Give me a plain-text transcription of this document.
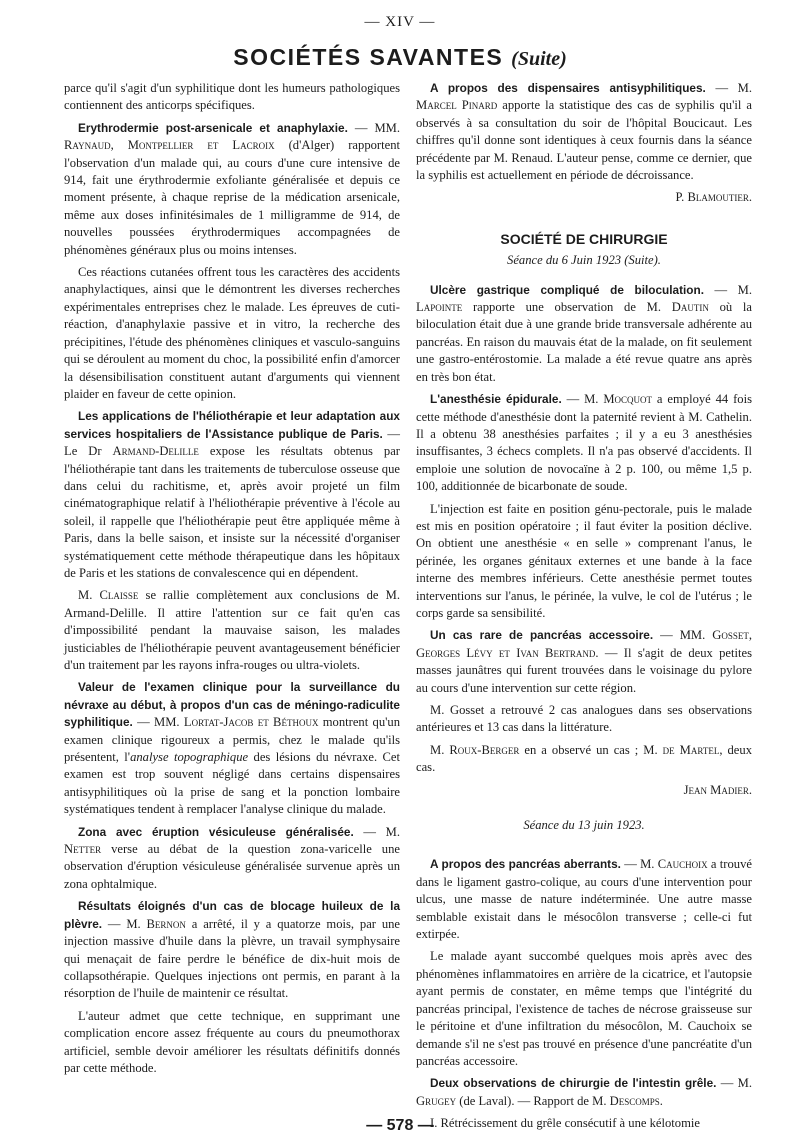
— XIV —
SOCIÉTÉS SAVANTES (Suite)

parce qu'il s'agit d'un syphilitique dont les humeurs pathologiques contiennent des anticorps spécifiques.

Erythrodermie post-arsenicale et anaphylaxie. — MM. Raynaud, Montpellier et Lacroix (d'Alger) rapportent l'observation d'un malade qui, au cours d'une cure intensive de 914, fait une érythrodermie exfoliante généralisée et depuis ce moment présente, à chaque reprise de la médication arsenicale, même aux doses infinitésimales de 1 milligramme de 914, de nouvelles poussées érythrodermiques accompagnées de phénomènes généraux plus ou moins intenses.

Ces réactions cutanées offrent tous les caractères des accidents anaphylactiques, ainsi que le démontrent les diverses recherches expérimentales entreprises chez le malade. Les épreuves de cuti-réaction, d'anaphylaxie passive et in vitro, la recherche des précipitines, l'étude des phénomènes cliniques et vasculo-sanguins qui se déroulent au moment du choc, la possibilité enfin d'amorcer la désensibilisation constituent autant d'arguments qui viennent plaider en faveur de cette opinion.

Les applications de l'héliothérapie et leur adaptation aux services hospitaliers de l'Assistance publique de Paris. — Le Dr Armand-Delille expose les résultats obtenus par l'héliothérapie tant dans les traitements de tuberculose osseuse que dans celui du rachitisme, et, après avoir projeté un film cinématographique relatif à l'héliothérapie préventive à l'école au soleil, il rappelle que l'héliothérapie peut être appliquée même à Paris, dans la belle saison, et insiste sur la nécessité d'organiser systématiquement cette méthode thérapeutique dans les hôpitaux de Paris et les stations de convalescence qui en dépendent.

M. Claisse se rallie complètement aux conclusions de M. Armand-Delille. Il attire l'attention sur ce fait qu'en cas d'impossibilité pendant la mauvaise saison, les malades justiciables de l'héliothérapie peuvent avantageusement bénéficier d'un traitement par les rayons infra-rouges ou ultra-violets.

Valeur de l'examen clinique pour la surveillance du névraxe au début, à propos d'un cas de méningo-radiculite syphilitique. — MM. Lortat-Jacob et Béthoux montrent qu'un examen clinique rigoureux a permis, chez le malade qu'ils présentent, l'analyse topographique des lésions du névraxe. Cet examen est trop souvent négligé dans certains dispensaires antisyphilitiques où la prise de sang et la ponction lombaire systématiques tendent à remplacer l'analyse clinique du malade.

Zona avec éruption vésiculeuse généralisée. — M. Netter verse au débat de la question zona-varicelle une observation d'éruption vésiculeuse généralisée survenue après un zona ophtalmique.

Résultats éloignés d'un cas de blocage huileux de la plèvre. — M. Bernon a arrêté, il y a quatorze mois, par une injection massive d'huile dans la plèvre, un travail symphysaire qui menaçait de faire perdre le bénéfice de dix-huit mois de collapsothérapie. Quelques injections ont permis, en parant à la résorption de l'huile de maintenir ce résultat.

L'auteur admet que cette technique, en supprimant une complication encore assez fréquente au cours du pneumothorax artificiel, semble devoir améliorer les résultats définitifs donnés par cette méthode.

A propos des dispensaires antisyphilitiques. — M. Marcel Pinard apporte la statistique des cas de syphilis qu'il a observés à sa consultation du soir de l'hôpital Boucicaut. Les chiffres qu'il donne sont identiques à ceux fournis dans la séance précédente par M. Renaud. L'auteur pense, comme ce dernier, que la syphilis est actuellement en période de décroissance.

P. Blamoutier.
SOCIÉTÉ DE CHIRURGIE
Séance du 6 Juin 1923 (Suite).

Ulcère gastrique compliqué de biloculation. — M. Lapointe rapporte une observation de M. Dautin où la biloculation était due à une grande bride transversale adhérente au pancréas. En raison du mauvais état de la malade, on fit seulement une gastro-entérostomie. La malade a été revue quatre ans après en très bon état.

L'anesthésie épidurale. — M. Mocquot a employé 44 fois cette méthode d'anesthésie dont la paternité revient à M. Cathelin. Il a obtenu 38 anesthésies parfaites ; il y a eu 3 anesthésies insuffisantes, 3 échecs complets. Il n'a pas observé d'accidents. Il emploie une solution de novocaïne à 2 p. 100, ou même 1,5 p. 100, additionnée de bicarbonate de soude.

L'injection est faite en position génu-pectorale, puis le malade est mis en position opératoire ; il faut éviter la position déclive. On obtient une anesthésie « en selle » comprenant l'anus, le périnée, les organes génitaux externes et une bande à la face interne des membres inférieurs. Cette anesthésie permet toutes interventions sur l'anus, le périnée, la vulve, le col de l'utérus ; le corps garde sa sensibilité.

Un cas rare de pancréas accessoire. — MM. Gosset, Georges Lévy et Ivan Bertrand. — Il s'agit de deux petites masses jaunâtres qui furent trouvées dans le voisinage du pylore au cours d'une intervention sur cette région.

M. Gosset a retrouvé 2 cas analogues dans ses observations antérieures et 13 cas dans la littérature.

M. Roux-Berger en a observé un cas ; M. de Martel, deux cas.

Jean Madier.
Séance du 13 juin 1923.

A propos des pancréas aberrants. — M. Cauchoix a trouvé dans le ligament gastro-colique, au cours d'une intervention pour ulcus, une masse de nature indéterminée. Une autre masse semblable existait dans le mésocôlon transverse ; celle-ci fut extirpée.

Le malade ayant succombé quelques mois après avec des phénomènes inflammatoires en arrière de la cicatrice, et l'autopsie ayant permis de constater, en même temps que l'intégrité du pancréas principal, l'existence de taches de nécrose graisseuse sur le péritoine et d'une infiltration du mésocôlon, M. Cauchoix se demande s'il ne s'est pas trouvé en présence d'une pancréatite d'un pancréas accessoire.

Deux observations de chirurgie de l'intestin grêle. — M. Grugey (de Laval). — Rapport de M. Descomps.

I. Rétrécissement du grêle consécutif à une kélotomie

— 578 —
